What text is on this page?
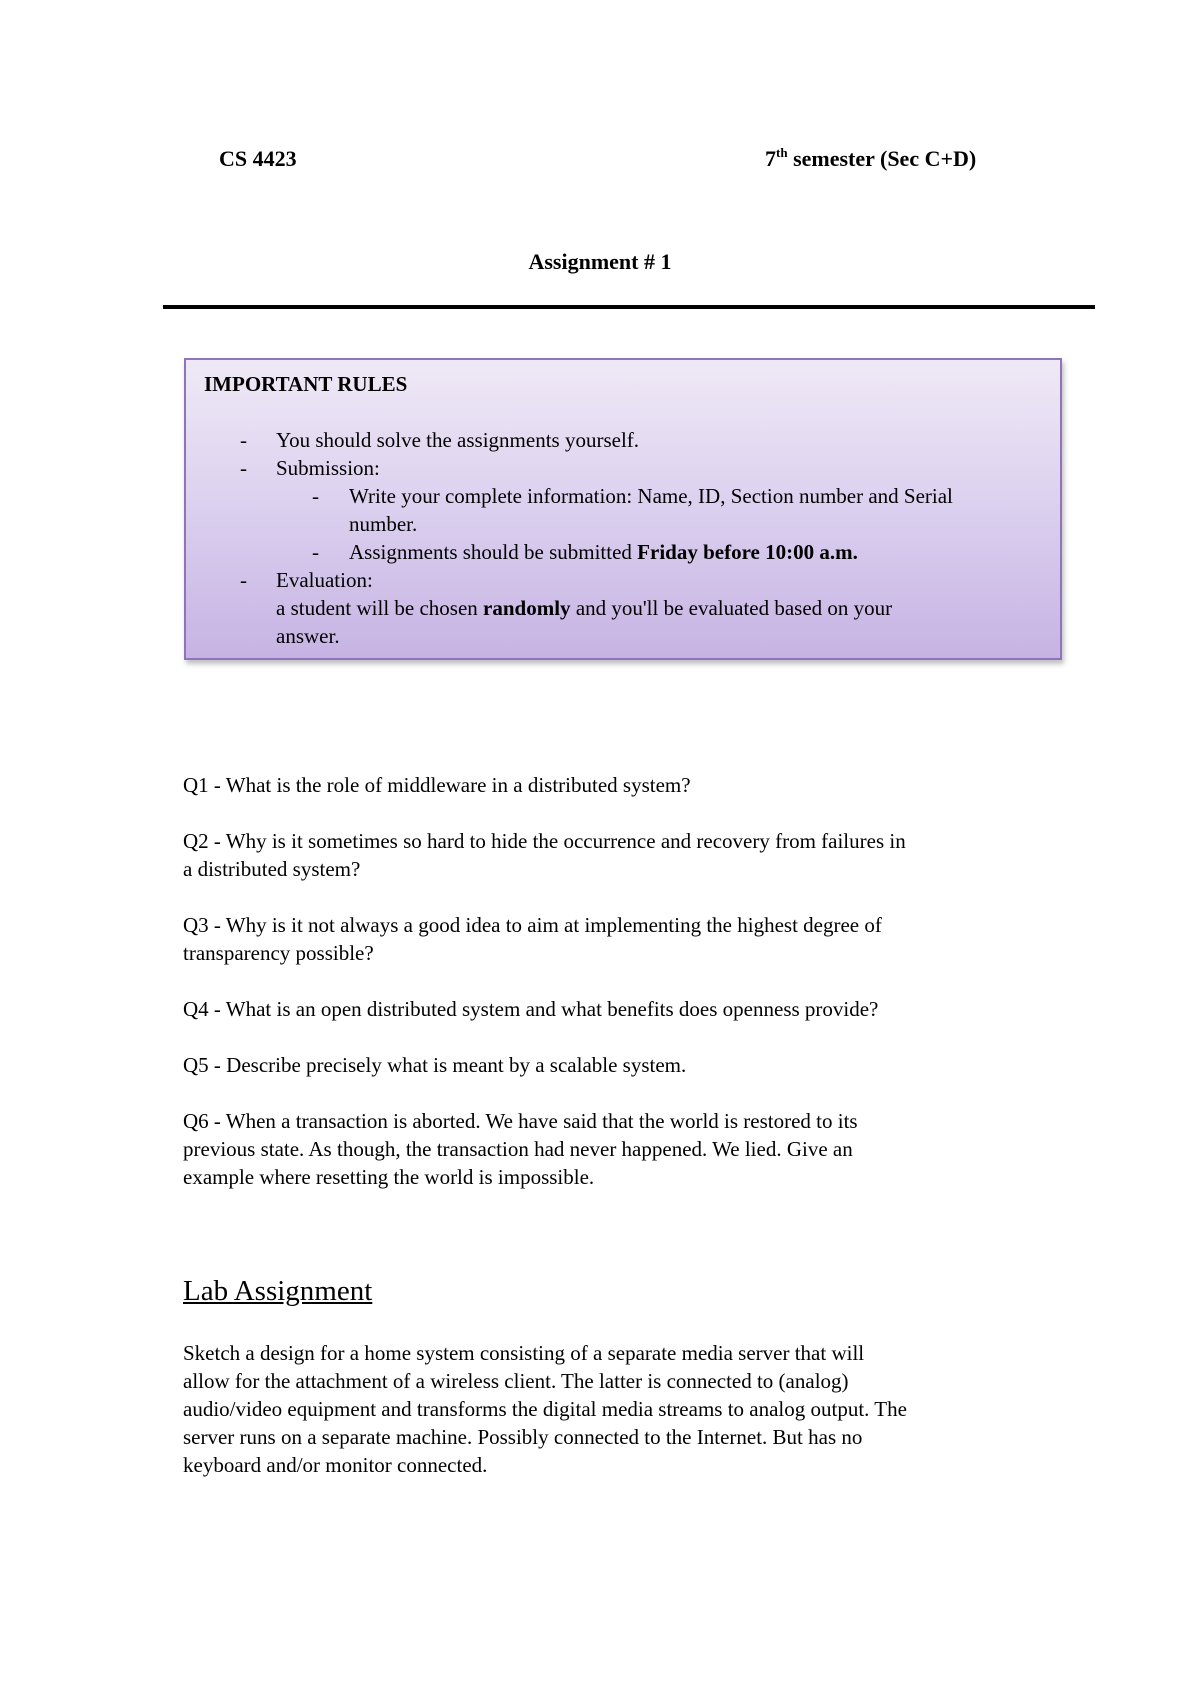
CS 4423	7th semester (Sec C+D)
Assignment # 1
IMPORTANT RULES
- You should solve the assignments yourself.
- Submission:
- Write your complete information: Name, ID, Section number and Serial
number.
- Assignments should be submitted Friday before 10:00 a.m.
- Evaluation:
a student will be chosen randomly and you'll be evaluated based on your
answer.
Q1 - What is the role of middleware in a distributed system?
Q2 - Why is it sometimes so hard to hide the occurrence and recovery from failures in
a distributed system?
Q3 - Why is it not always a good idea to aim at implementing the highest degree of
transparency possible?
Q4 - What is an open distributed system and what benefits does openness provide?
Q5 - Describe precisely what is meant by a scalable system.
Q6 - When a transaction is aborted. We have said that the world is restored to its
previous state. As though, the transaction had never happened. We lied. Give an
example where resetting the world is impossible.
Lab Assignment
Sketch a design for a home system consisting of a separate media server that will
allow for the attachment of a wireless client. The latter is connected to (analog)
audio/video equipment and transforms the digital media streams to analog output. The
server runs on a separate machine. Possibly connected to the Internet. But has no
keyboard and/or monitor connected.
